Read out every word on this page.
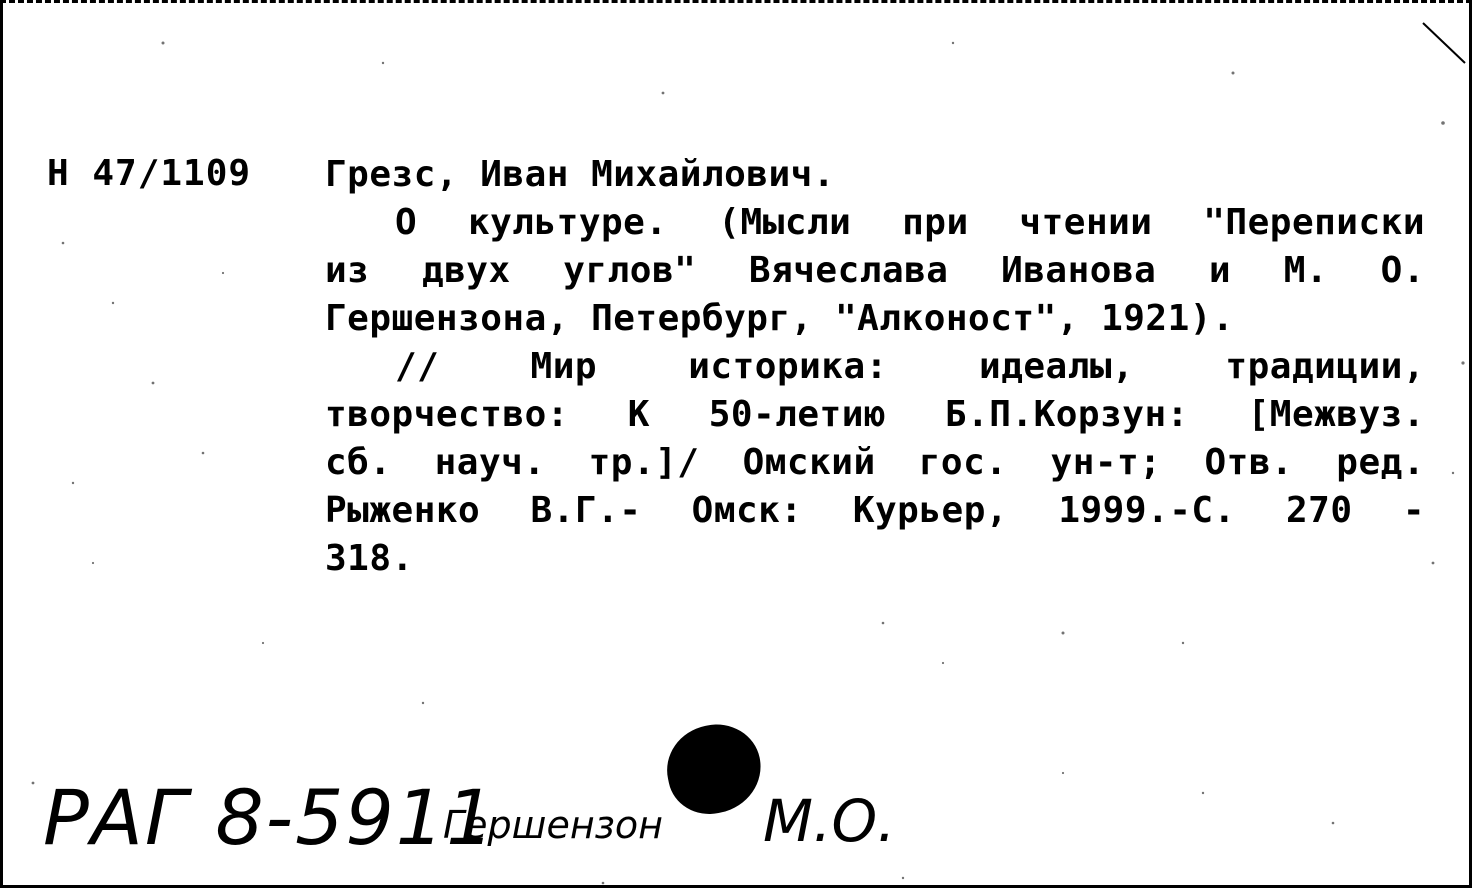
Н 47/1109 Грезс, Иван Михайлович.
О культуре. (Мысли при чтении "Переписки
из двух углов" Вячеслава Иванова и М. О.
Гершензона, Петербург, "Алконост", 1921).
// Мир историка: идеалы, традиции,
творчество: К 50-летию Б.П.Корзун: [Межвуз.
сб. науч. тр.]/ Омский гос. ун-т; Отв. ред.
Рыженко В.Г.- Омск: Курьер, 1999.-С. 270 -
318.
РАГ 8-5911
Гершензон М.О.
